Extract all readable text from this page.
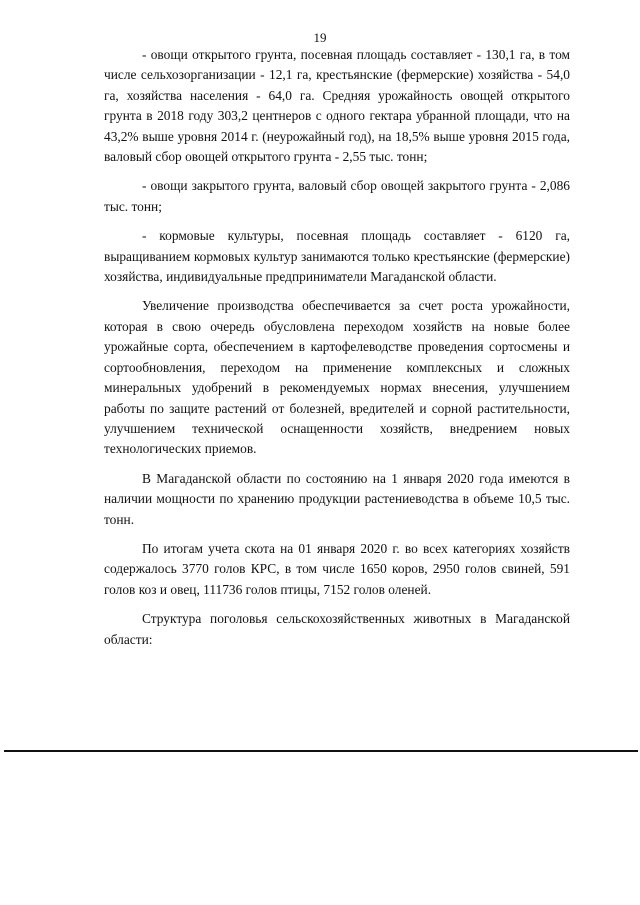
19

- овощи открытого грунта, посевная площадь составляет - 130,1 га, в том числе сельхозорганизации - 12,1 га, крестьянские (фермерские) хозяйства - 54,0 га, хозяйства населения - 64,0 га. Средняя урожайность овощей открытого грунта в 2018 году 303,2 центнеров с одного гектара убранной площади, что на 43,2% выше уровня 2014 г. (неурожайный год), на 18,5% выше уровня 2015 года, валовый сбор овощей открытого грунта - 2,55 тыс. тонн;

- овощи закрытого грунта, валовый сбор овощей закрытого грунта - 2,086 тыс. тонн;

- кормовые культуры, посевная площадь составляет - 6120 га, выращиванием кормовых культур занимаются только крестьянские (фермерские) хозяйства, индивидуальные предприниматели Магаданской области.

Увеличение производства обеспечивается за счет роста урожайности, которая в свою очередь обусловлена переходом хозяйств на новые более урожайные сорта, обеспечением в картофелеводстве проведения сортосмены и сортообновления, переходом на применение комплексных и сложных минеральных удобрений в рекомендуемых нормах внесения, улучшением работы по защите растений от болезней, вредителей и сорной растительности, улучшением технической оснащенности хозяйств, внедрением новых технологических приемов.

В Магаданской области по состоянию на 1 января 2020 года имеются в наличии мощности по хранению продукции растениеводства в объеме 10,5 тыс. тонн.

По итогам учета скота на 01 января 2020 г. во всех категориях хозяйств содержалось 3770 голов КРС, в том числе 1650 коров, 2950 голов свиней, 591 голов коз и овец, 111736 голов птицы, 7152 голов оленей.

Структура поголовья сельскохозяйственных животных в Магаданской области:
